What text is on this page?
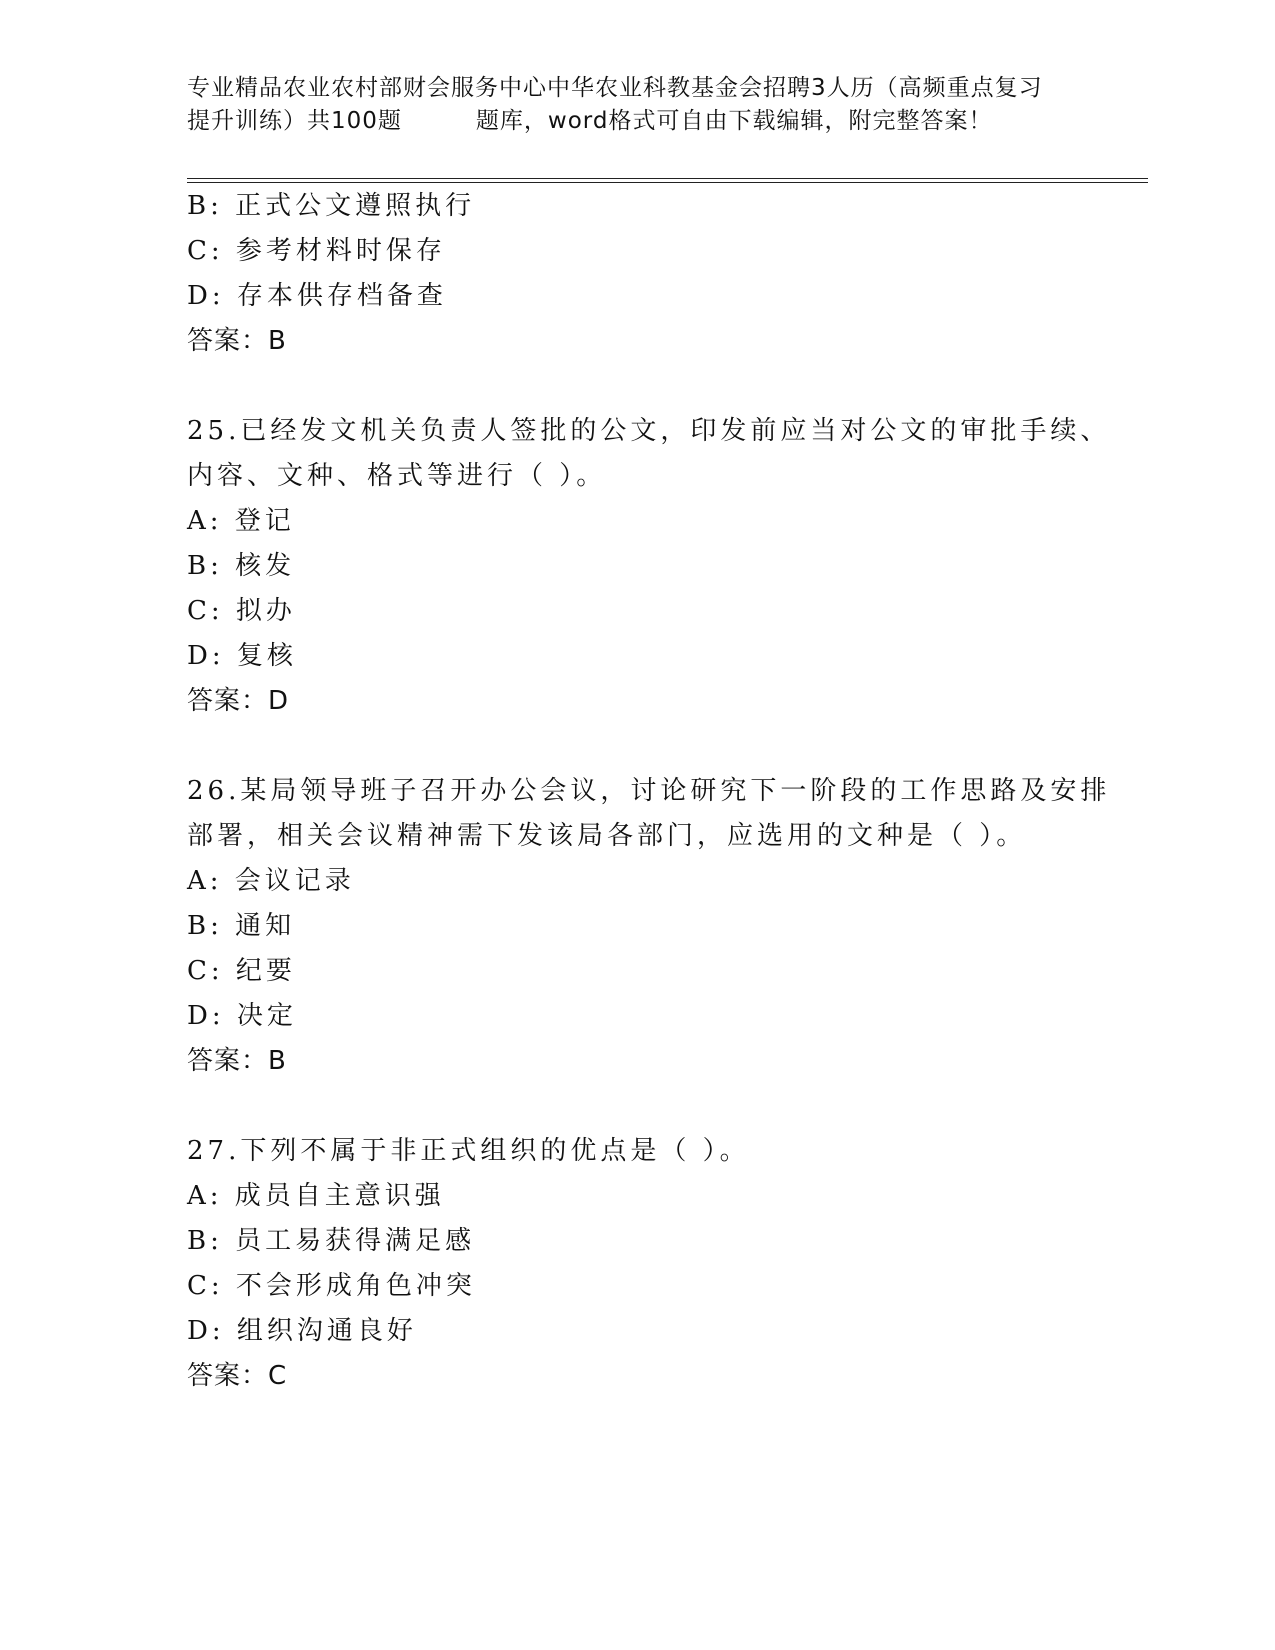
专业精品农业农村部财会服务中心中华农业科教基金会招聘3人历（高频重点复习
提升训练）共100题	题库，word格式可自由下载编辑，附完整答案！
B: 正式公文遵照执行
C: 参考材料时保存
D: 存本供存档备查
答案：B
25.已经发文机关负责人签批的公文，印发前应当对公文的审批手续、
内容、文种、格式等进行（ ）。
A: 登记
B: 核发
C: 拟办
D: 复核
答案：D
26.某局领导班子召开办公会议，讨论研究下一阶段的工作思路及安排
部署，相关会议精神需下发该局各部门，应选用的文种是（ ）。
A: 会议记录
B: 通知
C: 纪要
D: 决定
答案：B
27.下列不属于非正式组织的优点是（ ）。
A: 成员自主意识强
B: 员工易获得满足感
C: 不会形成角色冲突
D: 组织沟通良好
答案：C
